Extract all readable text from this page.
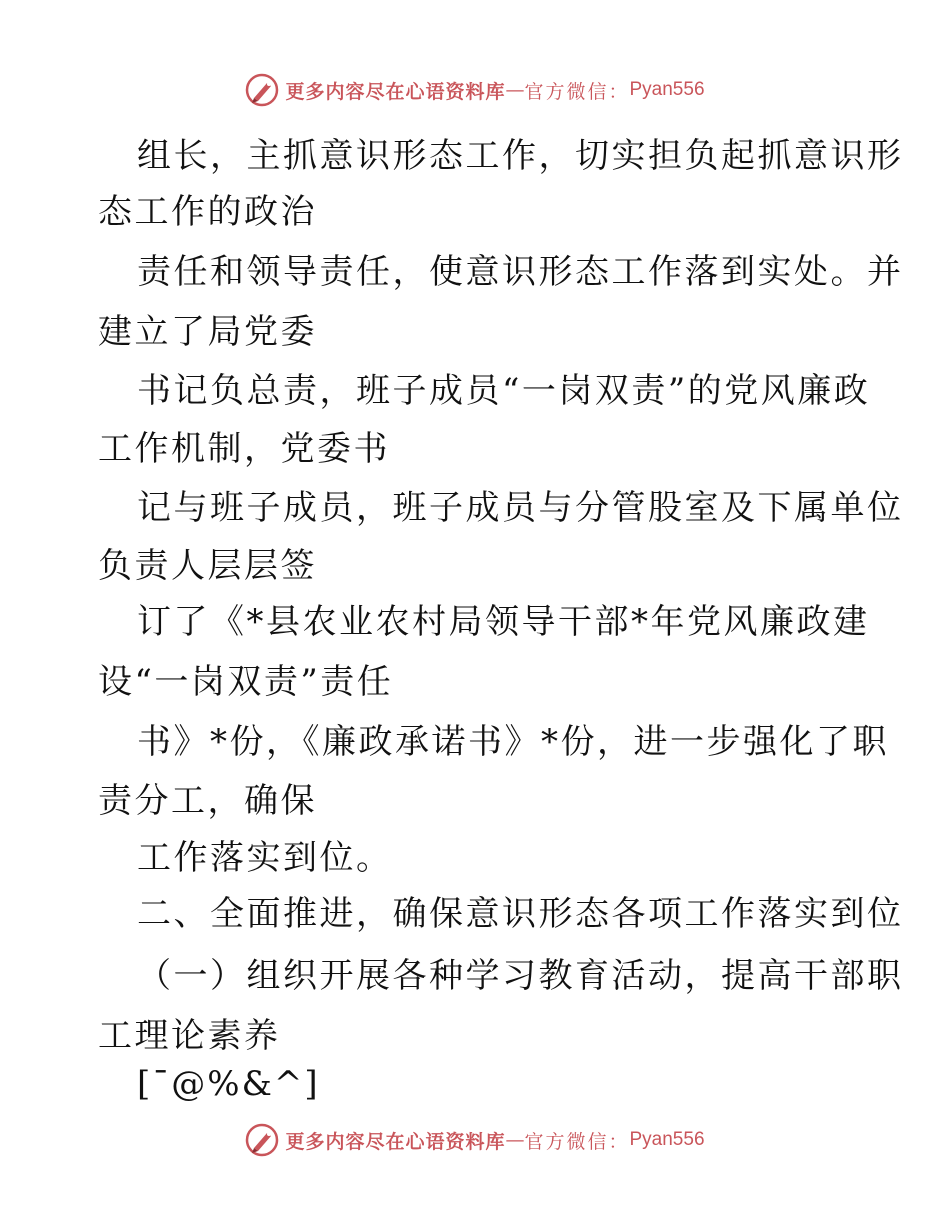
更多内容尽在心语资料库 — 官方微信： Pyan556
组长，主抓意识形态工作，切实担负起抓意识形
态工作的政治
责任和领导责任，使意识形态工作落到实处。并
建立了局党委
书记负总责，班子成员“一岗双责”的党风廉政
工作机制，党委书
记与班子成员，班子成员与分管股室及下属单位
负责人层层签
订了《*县农业农村局领导干部*年党风廉政建
设“一岗双责”责任
书》*份，《廉政承诺书》*份，进一步强化了职
责分工，确保
工作落实到位。
二、全面推进，确保意识形态各项工作落实到位
（一）组织开展各种学习教育活动，提高干部职
工理论素养
[¯@%&^]
更多内容尽在心语资料库 — 官方微信： Pyan556
